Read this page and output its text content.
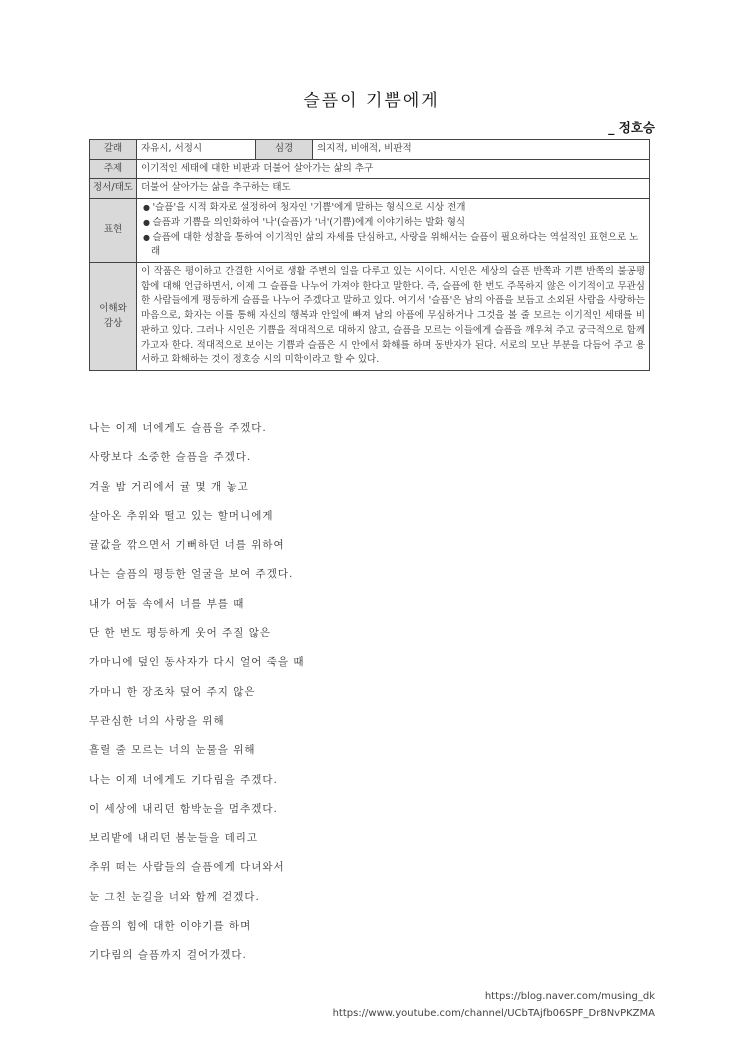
슬픔이 기쁨에게
_ 정호승
갈래	자유시, 서정시	심경	의지적, 비애적, 비판적
주제	이기적인 세태에 대한 비판과 더불어 살아가는 삶의 추구		
정서/태도	더불어 살아가는 삶을 추구하는 태도		
표현	● '슬픔'을 시적 화자로 설정하여 청자인 '기쁨'에게 말하는 형식으로 시상 전개
● 슬픔과 기쁨을 의인화하여 '나'(슬픔)가 '너'(기쁨)에게 이야기하는 발화 형식
● 슬픔에 대한 성찰을 통하여 이기적인 삶의 자세를 단심하고, 사랑을 위해서는 슬픔이 필요하다는 역설적인 표현으로 노래

이해와
감상	이 작품은 평이하고 간결한 시어로 생활 주변의 일을 다루고 있는 시이다. 시인은 세상의 슬픈 반쪽과 기쁜 반쪽의 불공평함에 대해 언급하면서, 이제 그 슬픔을 나누어 가져야 한다고 말한다. 즉, 슬픔에 한 번도 주목하지 않은 이기적이고 무관심한 사람들에게 평등하게 슬픔을 나누어 주겠다고 말하고 있다. 여기서 '슬픔'은 남의 아픔을 보듬고 소외된 사람을 사랑하는 마음으로, 화자는 이를 통해 자신의 행복과 안일에 빠져 남의 아픔에 무심하거나 그것을 볼 줄 모르는 이기적인 세태를 비판하고 있다. 그러나 시인은 기쁨을 적대적으로 대하지 않고, 슬픔을 모르는 이들에게 슬픔을 깨우쳐 주고 궁극적으로 함께 가고자 한다. 적대적으로 보이는 기쁨과 슬픔은 시 안에서 화해를 하며 동반자가 된다. 서로의 모난 부분을 다듬어 주고 용서하고 화해하는 것이 정호승 시의 미학이라고 할 수 있다.		
나는 이제 너에게도 슬픔을 주겠다.
사랑보다 소중한 슬픔을 주겠다.
겨울 밤 거리에서 귤 몇 개 놓고
살아온 추위와 떨고 있는 할머니에게
귤값을 깎으면서 기뻐하던 너를 위하여
나는 슬픔의 평등한 얼굴을 보여 주겠다.
내가 어둠 속에서 너를 부를 때
단 한 번도 평등하게 웃어 주질 않은
가마니에 덮인 동사자가 다시 얼어 죽을 때
가마니 한 장조차 덮어 주지 않은
무관심한 너의 사랑을 위해
흘릴 줄 모르는 너의 눈물을 위해
나는 이제 너에게도 기다림을 주겠다.
이 세상에 내리던 함박눈을 멈추겠다.
보리밭에 내리던 봄눈들을 데리고
추위 떠는 사람들의 슬픔에게 다녀와서
눈 그친 눈길을 너와 함께 걷겠다.
슬픔의 힘에 대한 이야기를 하며
기다림의 슬픔까지 걸어가겠다.
https://blog.naver.com/musing_dk
https://www.youtube.com/channel/UCbTAjfb06SPF_Dr8NvPKZMA
